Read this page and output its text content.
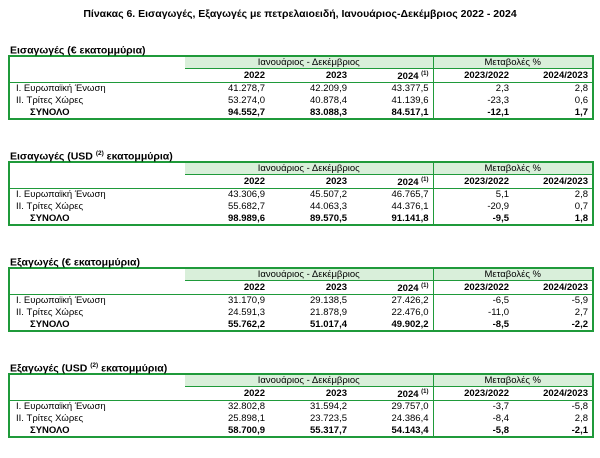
Πίνακας 6. Εισαγωγές, Εξαγωγές με πετρελαιοειδή, Ιανουάριος-Δεκέμβριος 2022 - 2024
Εισαγωγές (€ εκατομμύρια)
	Ιανουάριος - Δεκέμβριος			Μεταβολές %	
	2022	2023	2024 $^{(1)}$	2023/2022	2024/2023
I. Ευρωπαϊκή Ένωση	41.278,7	42.209,9	43.377,5	2,3	2,8
II. Τρίτες Χώρες	53.274,0	40.878,4	41.139,6	-23,3	0,6
ΣΥΝΟΛΟ	94.552,7	83.088,3	84.517,1	-12,1	1,7
Εισαγωγές (USD $^{(2)}$ εκατομμύρια)
	Ιανουάριος - Δεκέμβριος			Μεταβολές %	
	2022	2023	2024 $^{(1)}$	2023/2022	2024/2023
I. Ευρωπαϊκή Ένωση	43.306,9	45.507,2	46.765,7	5,1	2,8
II. Τρίτες Χώρες	55.682,7	44.063,3	44.376,1	-20,9	0,7
ΣΥΝΟΛΟ	98.989,6	89.570,5	91.141,8	-9,5	1,8
Εξαγωγές (€ εκατομμύρια)
	Ιανουάριος - Δεκέμβριος			Μεταβολές %	
	2022	2023	2024 $^{(1)}$	2023/2022	2024/2023
I. Ευρωπαϊκή Ένωση	31.170,9	29.138,5	27.426,2	-6,5	-5,9
II. Τρίτες Χώρες	24.591,3	21.878,9	22.476,0	-11,0	2,7
ΣΥΝΟΛΟ	55.762,2	51.017,4	49.902,2	-8,5	-2,2
Εξαγωγές (USD $^{(2)}$ εκατομμύρια)
	Ιανουάριος - Δεκέμβριος			Μεταβολές %	
	2022	2023	2024 $^{(1)}$	2023/2022	2024/2023
I. Ευρωπαϊκή Ένωση	32.802,8	31.594,2	29.757,0	-3,7	-5,8
II. Τρίτες Χώρες	25.898,1	23.723,5	24.386,4	-8,4	2,8
ΣΥΝΟΛΟ	58.700,9	55.317,7	54.143,4	-5,8	-2,1
